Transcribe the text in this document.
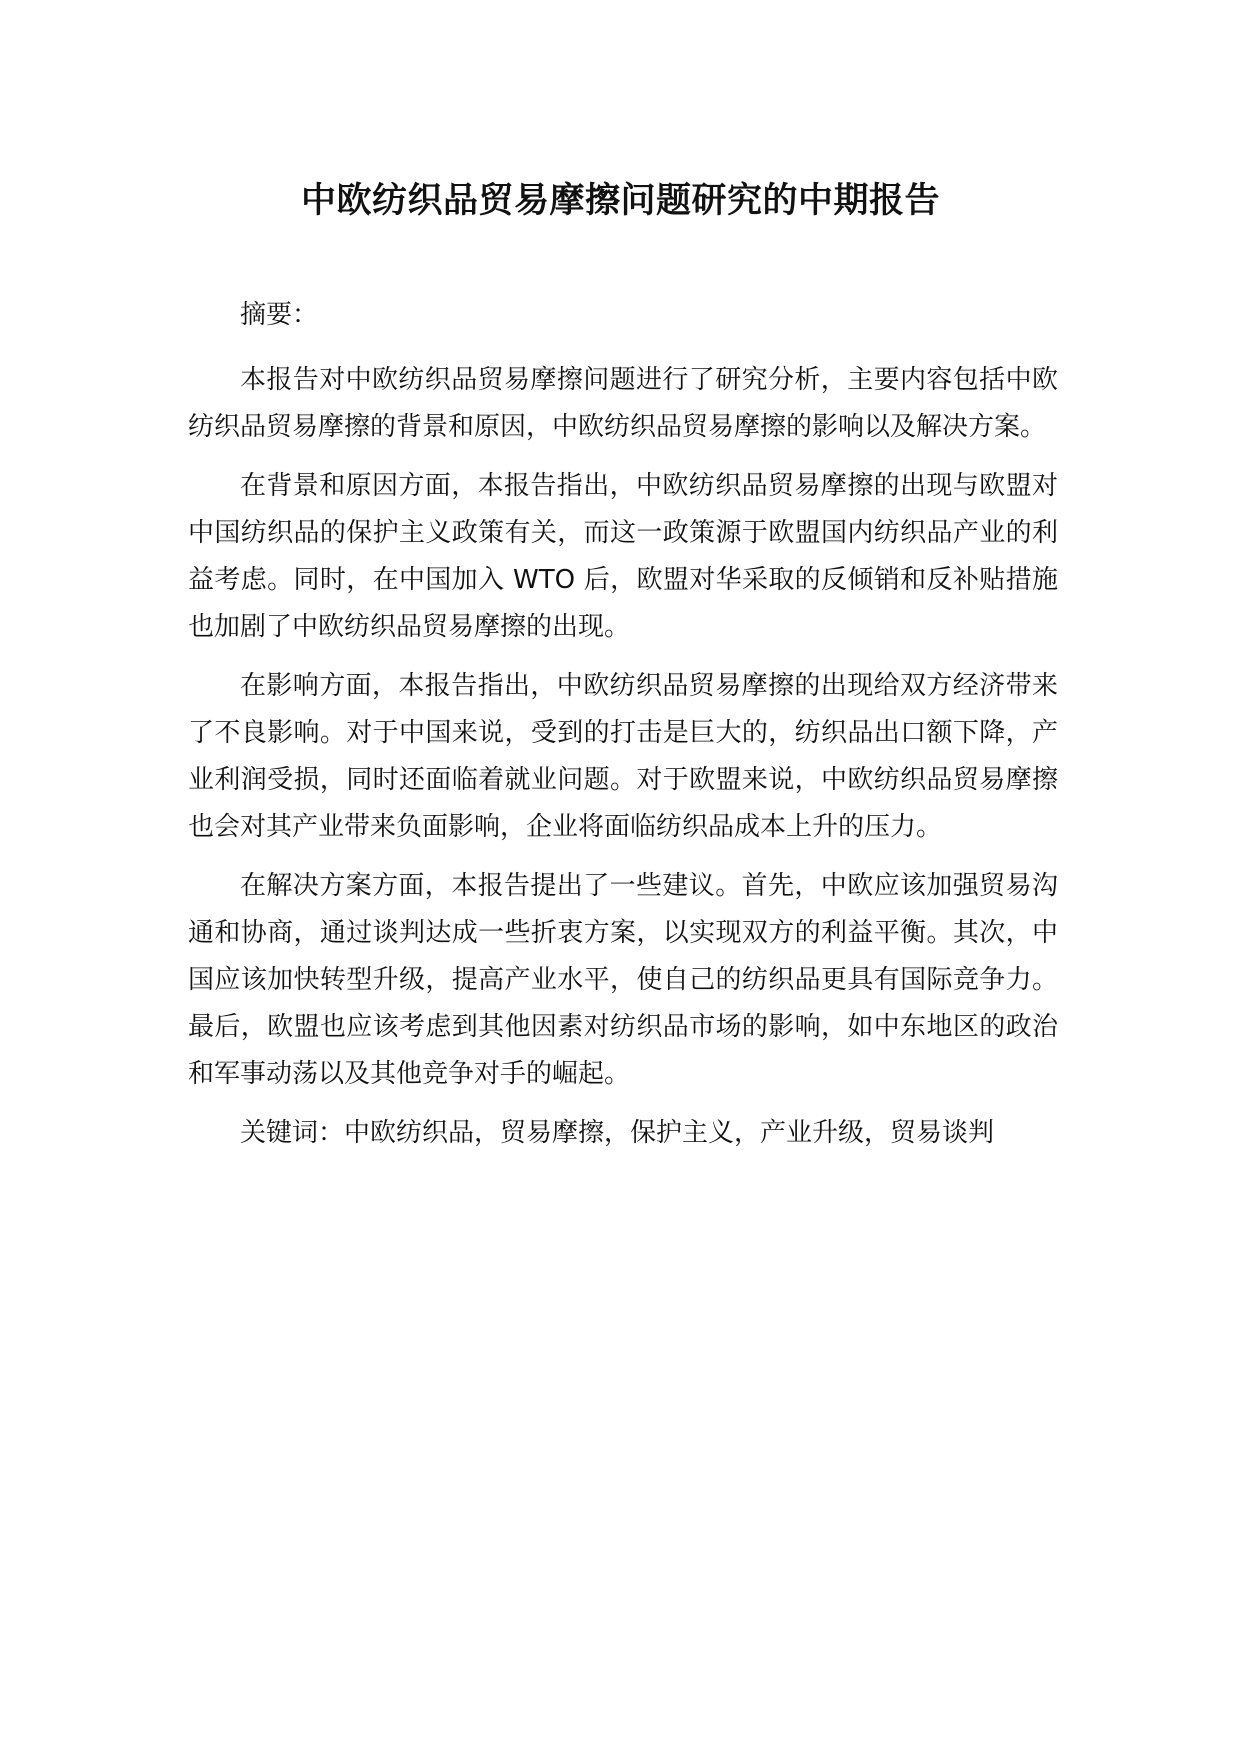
中欧纺织品贸易摩擦问题研究的中期报告

摘要：

本报告对中欧纺织品贸易摩擦问题进行了研究分析，主要内容包括中欧纺织品贸易摩擦的背景和原因，中欧纺织品贸易摩擦的影响以及解决方案。

在背景和原因方面，本报告指出，中欧纺织品贸易摩擦的出现与欧盟对中国纺织品的保护主义政策有关，而这一政策源于欧盟国内纺织品产业的利益考虑。同时，在中国加入 WTO 后，欧盟对华采取的反倾销和反补贴措施也加剧了中欧纺织品贸易摩擦的出现。

在影响方面，本报告指出，中欧纺织品贸易摩擦的出现给双方经济带来了不良影响。对于中国来说，受到的打击是巨大的，纺织品出口额下降，产业利润受损，同时还面临着就业问题。对于欧盟来说，中欧纺织品贸易摩擦也会对其产业带来负面影响，企业将面临纺织品成本上升的压力。

在解决方案方面，本报告提出了一些建议。首先，中欧应该加强贸易沟通和协商，通过谈判达成一些折衷方案，以实现双方的利益平衡。其次，中国应该加快转型升级，提高产业水平，使自己的纺织品更具有国际竞争力。最后，欧盟也应该考虑到其他因素对纺织品市场的影响，如中东地区的政治和军事动荡以及其他竞争对手的崛起。

关键词：中欧纺织品，贸易摩擦，保护主义，产业升级，贸易谈判
